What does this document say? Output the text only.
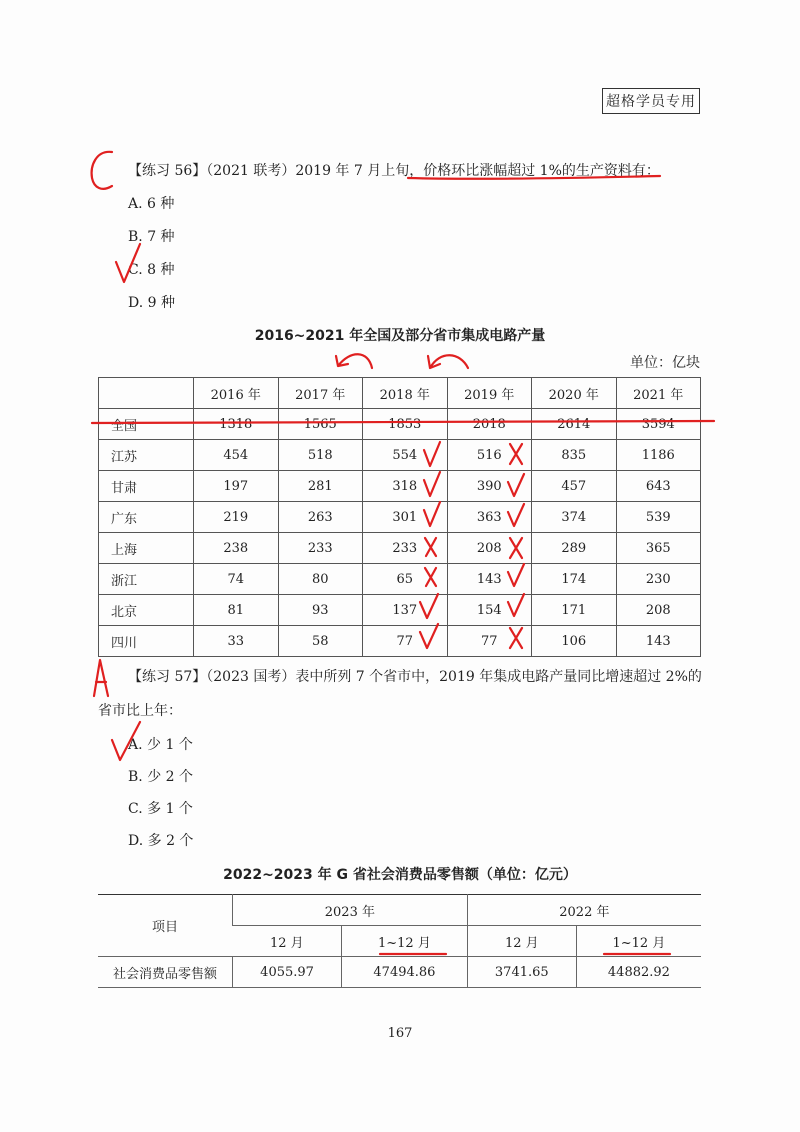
超格学员专用
【练习 56】（2021 联考）2019 年 7 月上旬，价格环比涨幅超过 1%的生产资料有：
A. 6 种
B. 7 种
C. 8 种
D. 9 种
2016~2021 年全国及部分省市集成电路产量
单位：亿块
	2016 年	2017 年	2018 年	2019 年	2020 年	2021 年
全国	1318	1565	1853	2018	2614	3594
江苏	454	518	554	516	835	1186
甘肃	197	281	318	390	457	643
广东	219	263	301	363	374	539
上海	238	233	233	208	289	365
浙江	74	80	65	143	174	230
北京	81	93	137	154	171	208
四川	33	58	77	77	106	143
【练习 57】（2023 国考）表中所列 7 个省市中，2019 年集成电路产量同比增速超过 2%的
省市比上年：
A. 少 1 个
B. 少 2 个
C. 多 1 个
D. 多 2 个
2022~2023 年 G 省社会消费品零售额（单位：亿元）
项目	2023 年		2022 年	
	12 月	1~12 月	12 月	1~12 月
社会消费品零售额	4055.97	47494.86	3741.65	44882.92
167
